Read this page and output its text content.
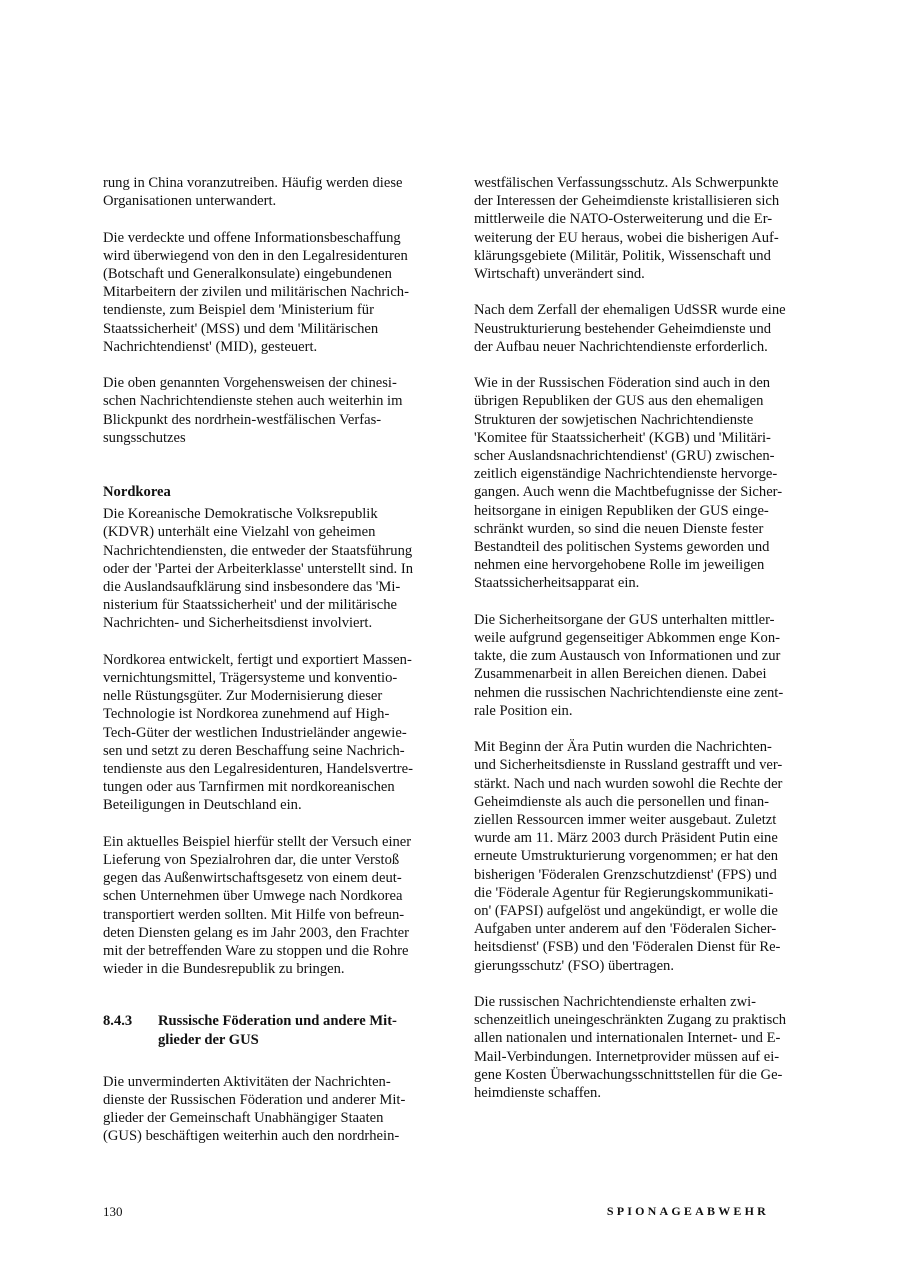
rung in China voranzutreiben. Häufig werden diese
Organisationen unterwandert.

Die verdeckte und offene Informationsbeschaffung
wird überwiegend von den in den Legalresidenturen
(Botschaft und Generalkonsulate) eingebundenen
Mitarbeitern der zivilen und militärischen Nachrich-
tendienste, zum Beispiel dem 'Ministerium für
Staatssicherheit' (MSS) und dem 'Militärischen
Nachrichtendienst' (MID), gesteuert.

Die oben genannten Vorgehensweisen der chinesi-
schen Nachrichtendienste stehen auch weiterhin im
Blickpunkt des nordrhein-westfälischen Verfas-
sungsschutzes

Nordkorea

Die Koreanische Demokratische Volksrepublik
(KDVR) unterhält eine Vielzahl von geheimen
Nachrichtendiensten, die entweder der Staatsführung
oder der 'Partei der Arbeiterklasse' unterstellt sind. In
die Auslandsaufklärung sind insbesondere das 'Mi-
nisterium für Staatssicherheit' und der militärische
Nachrichten- und Sicherheitsdienst involviert.

Nordkorea entwickelt, fertigt und exportiert Massen-
vernichtungsmittel, Trägersysteme und konventio-
nelle Rüstungsgüter. Zur Modernisierung dieser
Technologie ist Nordkorea zunehmend auf High-
Tech-Güter der westlichen Industrieländer angewie-
sen und setzt zu deren Beschaffung seine Nachrich-
tendienste aus den Legalresidenturen, Handelsvertre-
tungen oder aus Tarnfirmen mit nordkoreanischen
Beteiligungen in Deutschland ein.

Ein aktuelles Beispiel hierfür stellt der Versuch einer
Lieferung von Spezialrohren dar, die unter Verstoß
gegen das Außenwirtschaftsgesetz von einem deut-
schen Unternehmen über Umwege nach Nordkorea
transportiert werden sollten. Mit Hilfe von befreun-
deten Diensten gelang es im Jahr 2003, den Frachter
mit der betreffenden Ware zu stoppen und die Rohre
wieder in die Bundesrepublik zu bringen.

8.4.3	Russische Föderation und andere Mit-
glieder der GUS

Die unverminderten Aktivitäten der Nachrichten-
dienste der Russischen Föderation und anderer Mit-
glieder der Gemeinschaft Unabhängiger Staaten
(GUS) beschäftigen weiterhin auch den nordrhein-

westfälischen Verfassungsschutz. Als Schwerpunkte
der Interessen der Geheimdienste kristallisieren sich
mittlerweile die NATO-Osterweiterung und die Er-
weiterung der EU heraus, wobei die bisherigen Auf-
klärungsgebiete (Militär, Politik, Wissenschaft und
Wirtschaft) unverändert sind.

Nach dem Zerfall der ehemaligen UdSSR wurde eine
Neustrukturierung bestehender Geheimdienste und
der Aufbau neuer Nachrichtendienste erforderlich.

Wie in der Russischen Föderation sind auch in den
übrigen Republiken der GUS aus den ehemaligen
Strukturen der sowjetischen Nachrichtendienste
'Komitee für Staatssicherheit' (KGB) und 'Militäri-
scher Auslandsnachrichtendienst' (GRU) zwischen-
zeitlich eigenständige Nachrichtendienste hervorge-
gangen. Auch wenn die Machtbefugnisse der Sicher-
heitsorgane in einigen Republiken der GUS einge-
schränkt wurden, so sind die neuen Dienste fester
Bestandteil des politischen Systems geworden und
nehmen eine hervorgehobene Rolle im jeweiligen
Staatssicherheitsapparat ein.

Die Sicherheitsorgane der GUS unterhalten mittler-
weile aufgrund gegenseitiger Abkommen enge Kon-
takte, die zum Austausch von Informationen und zur
Zusammenarbeit in allen Bereichen dienen. Dabei
nehmen die russischen Nachrichtendienste eine zent-
rale Position ein.

Mit Beginn der Ära Putin wurden die Nachrichten-
und Sicherheitsdienste in Russland gestrafft und ver-
stärkt. Nach und nach wurden sowohl die Rechte der
Geheimdienste als auch die personellen und finan-
ziellen Ressourcen immer weiter ausgebaut. Zuletzt
wurde am 11. März 2003 durch Präsident Putin eine
erneute Umstrukturierung vorgenommen; er hat den
bisherigen 'Föderalen Grenzschutzdienst' (FPS) und
die 'Föderale Agentur für Regierungskommunikati-
on' (FAPSI) aufgelöst und angekündigt, er wolle die
Aufgaben unter anderem auf den 'Föderalen Sicher-
heitsdienst' (FSB) und den 'Föderalen Dienst für Re-
gierungsschutz' (FSO) übertragen.

Die russischen Nachrichtendienste erhalten zwi-
schenzeitlich uneingeschränkten Zugang zu praktisch
allen nationalen und internationalen Internet- und E-
Mail-Verbindungen. Internetprovider müssen auf ei-
gene Kosten Überwachungsschnittstellen für die Ge-
heimdienste schaffen.

130	SPIONAGEABWEHR
